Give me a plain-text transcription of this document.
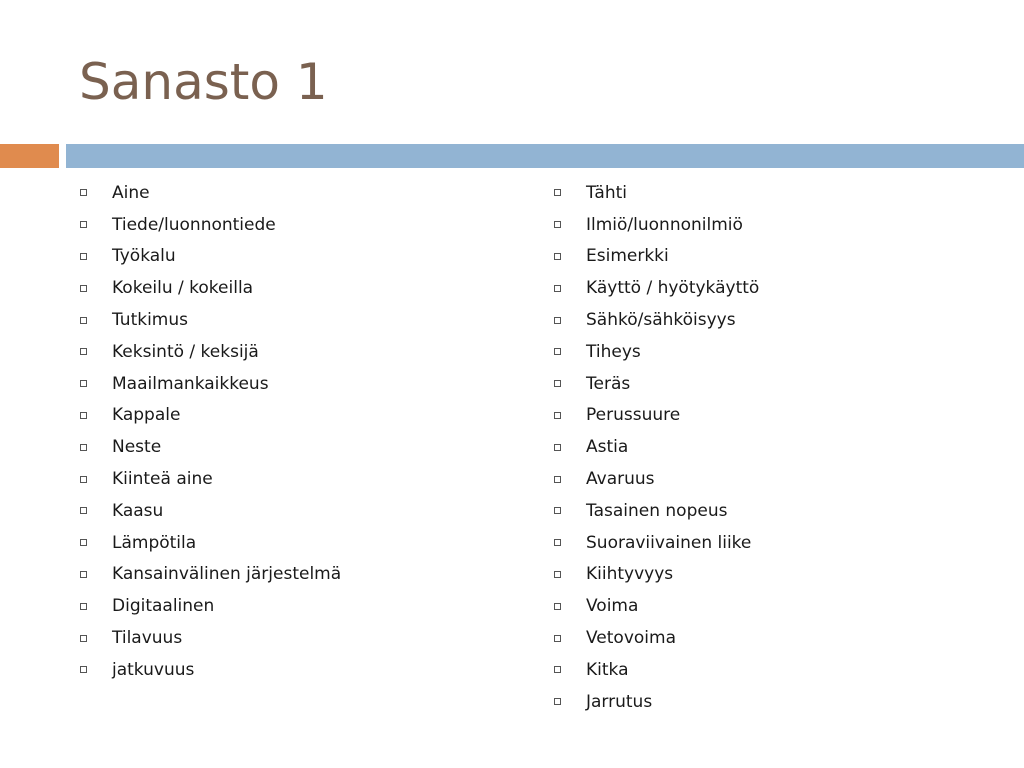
Sanasto 1
Aine
Tiede/luonnontiede
Työkalu
Kokeilu / kokeilla
Tutkimus
Keksintö / keksijä
Maailmankaikkeus
Kappale
Neste
Kiinteä aine
Kaasu
Lämpötila
Kansainvälinen järjestelmä
Digitaalinen
Tilavuus
jatkuvuus
Tähti
Ilmiö/luonnonilmiö
Esimerkki
Käyttö / hyötykäyttö
Sähkö/sähköisyys
Tiheys
Teräs
Perussuure
Astia
Avaruus
Tasainen nopeus
Suoraviivainen liike
Kiihtyvyys
Voima
Vetovoima
Kitka
Jarrutus
